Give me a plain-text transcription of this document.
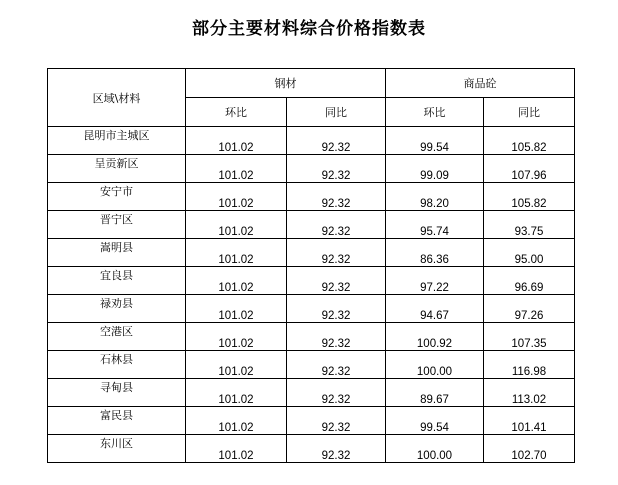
部分主要材料综合价格指数表
区域\材料	钢材		商品砼	
	环比	同比	环比	同比
昆明市主城区	101.02	92.32	99.54	105.82
呈贡新区	101.02	92.32	99.09	107.96
安宁市	101.02	92.32	98.20	105.82
晋宁区	101.02	92.32	95.74	93.75
嵩明县	101.02	92.32	86.36	95.00
宜良县	101.02	92.32	97.22	96.69
禄劝县	101.02	92.32	94.67	97.26
空港区	101.02	92.32	100.92	107.35
石林县	101.02	92.32	100.00	116.98
寻甸县	101.02	92.32	89.67	113.02
富民县	101.02	92.32	99.54	101.41
东川区	101.02	92.32	100.00	102.70
